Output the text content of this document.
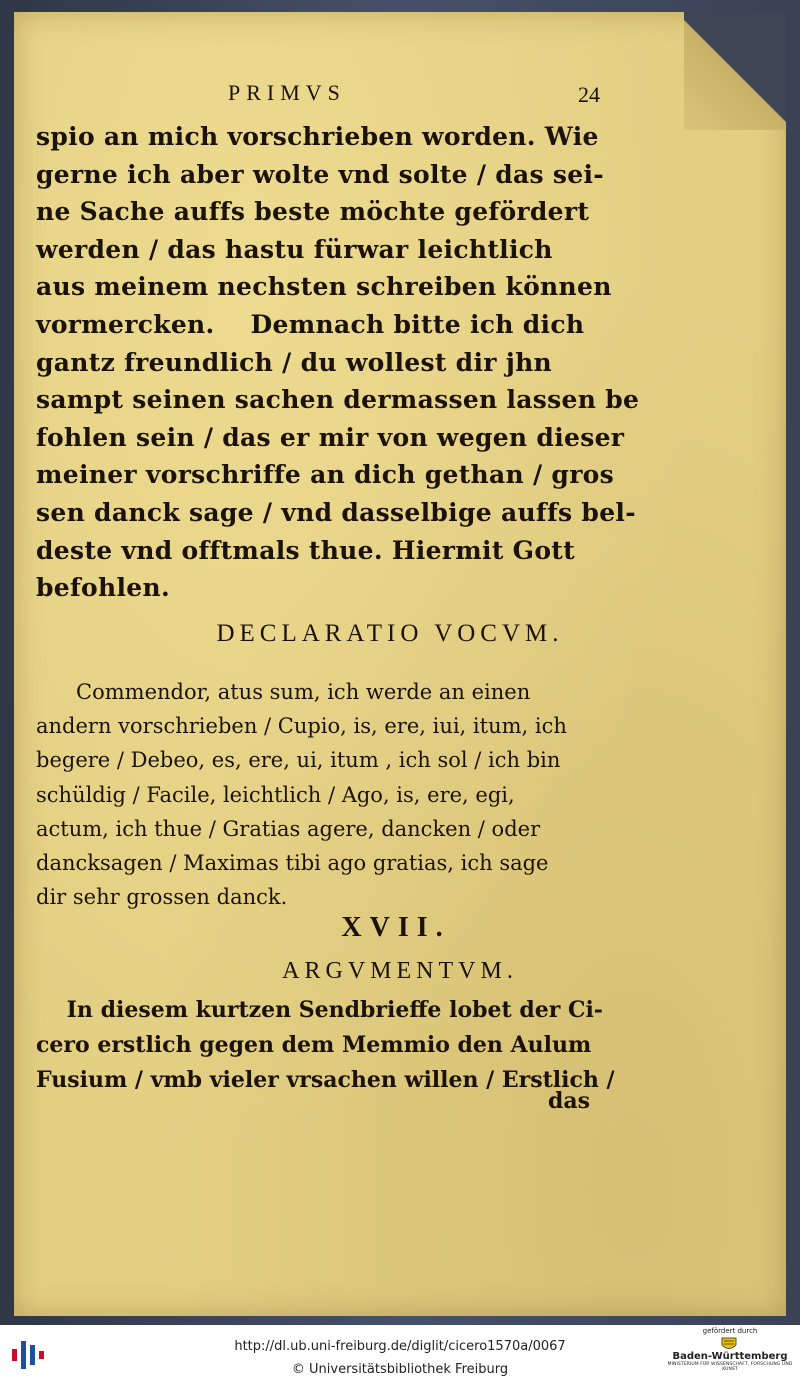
PRIMVS	24
spio an mich vorschrieben worden. Wie
gerne ich aber wolte vnd solte / das sei-
ne Sache auffs beste möchte gefördert
werden / das hastu fürwar leichtlich
aus meinem nechsten schreiben können
vormercken.    Demnach bitte ich dich
gantz freundlich / du wollest dir jhn
sampt seinen sachen dermassen lassen be
fohlen sein / das er mir von wegen dieser
meiner vorschriffe an dich gethan / gros
sen danck sage / vnd dasselbige auffs bel-
deste vnd offtmals thue. Hiermit Gott
befohlen.
DECLARATIO VOCVM.
Commendor, atus sum, ich werde an einen
andern vorschrieben / Cupio, is, ere, iui, itum, ich
begere / Debeo, es, ere, ui, itum , ich sol / ich bin
schüldig / Facile, leichtlich / Ago, is, ere, egi,
actum, ich thue / Gratias agere, dancken / oder
dancksagen / Maximas tibi ago gratias, ich sage
dir sehr grossen danck.
XVII.
ARGVMENTVM.
In diesem kurtzen Sendbrieffe lobet der Ci-
cero erstlich gegen dem Memmio den Aulum
Fusium / vmb vieler vrsachen willen / Erstlich /
das
http://dl.ub.uni-freiburg.de/diglit/cicero1570a/0067
© Universitätsbibliothek Freiburg
gefördert durch
Baden-Württemberg
MINISTERIUM FÜR WISSENSCHAFT, FORSCHUNG UND KUNST
